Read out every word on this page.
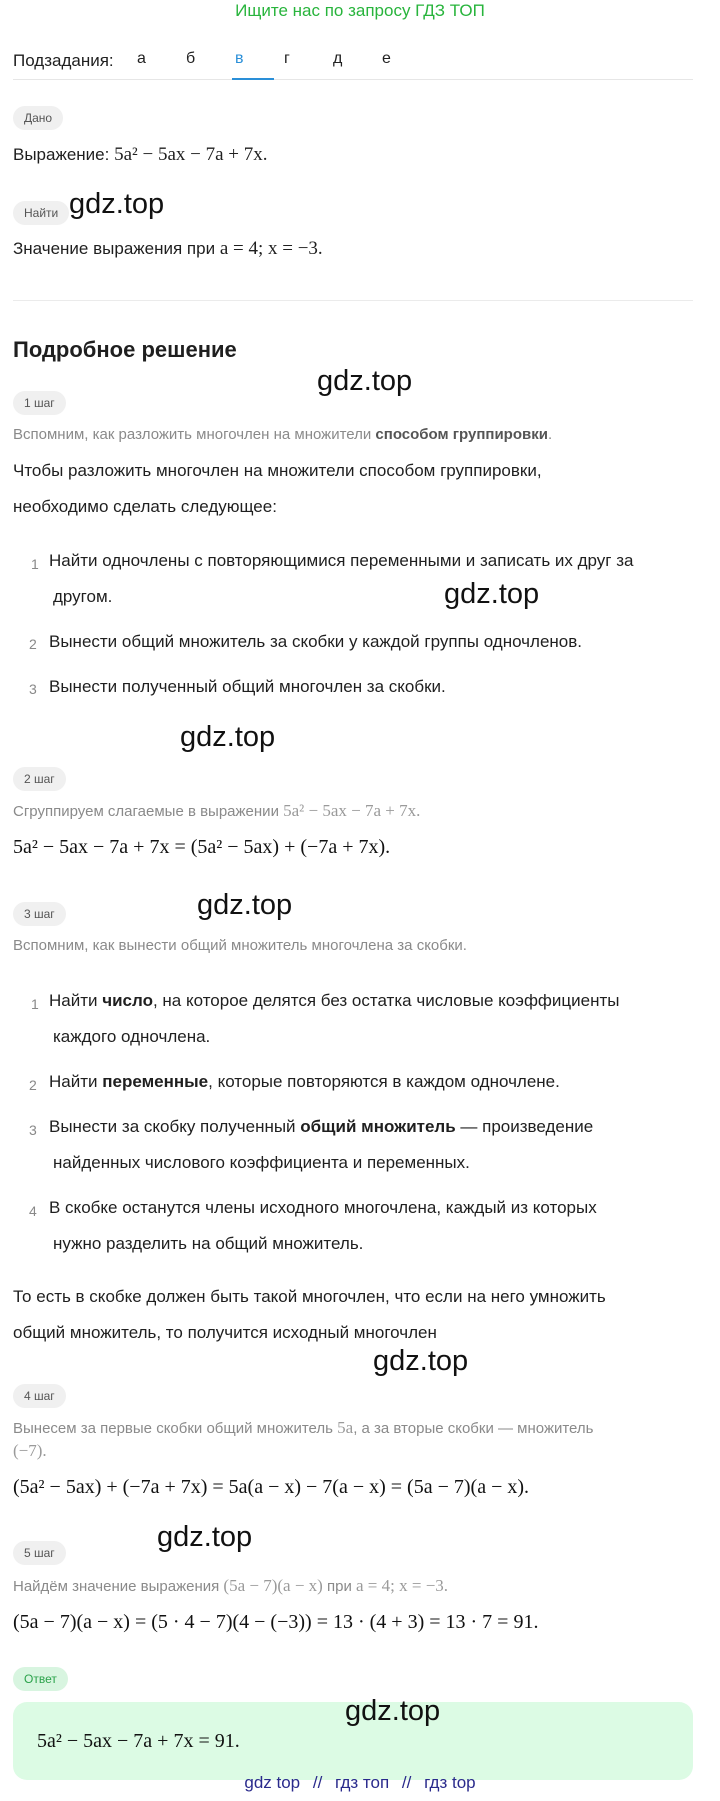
Ищите нас по запросу ГДЗ ТОП
Подзадания: а	б	в	г	д	е
Дано
Выражение: 5a² − 5ax − 7a + 7x.
Найти gdz.top
Значение выражения при a = 4; x = −3.
Подробное решение
gdz.top
1 шаг
Вспомним, как разложить многочлен на множители способом группировки.
Чтобы разложить многочлен на множители способом группировки,
необходимо сделать следующее:
1 Найти одночлены с повторяющимися переменными и записать их друг за
другом.	gdz.top
2 Вынести общий множитель за скобки у каждой группы одночленов.
3 Вынести полученный общий многочлен за скобки.
gdz.top
2 шаг
Сгруппируем слагаемые в выражении 5a² − 5ax − 7a + 7x.
5a² − 5ax − 7a + 7x = (5a² − 5ax) + (−7a + 7x).
3 шаг	gdz.top
Вспомним, как вынести общий множитель многочлена за скобки.
1 Найти число, на которое делятся без остатка числовые коэффициенты
каждого одночлена.
2 Найти переменные, которые повторяются в каждом одночлене.
3 Вынести за скобку полученный общий множитель — произведение
найденных числового коэффициента и переменных.
4 В скобке останутся члены исходного многочлена, каждый из которых
нужно разделить на общий множитель.
То есть в скобке должен быть такой многочлен, что если на него умножить
общий множитель, то получится исходный многочлен
gdz.top
4 шаг
Вынесем за первые скобки общий множитель 5a, а за вторые скобки — множитель
(−7).
(5a² − 5ax) + (−7a + 7x) = 5a(a − x) − 7(a − x) = (5a − 7)(a − x).
gdz.top
5 шаг
Найдём значение выражения (5a − 7)(a − x) при a = 4; x = −3.
(5a − 7)(a − x) = (5 · 4 − 7)(4 − (−3)) = 13 · (4 + 3) = 13 · 7 = 91.
Ответ
gdz.top
5a² − 5ax − 7a + 7x = 91.
gdz top // гдз топ // гдз top
